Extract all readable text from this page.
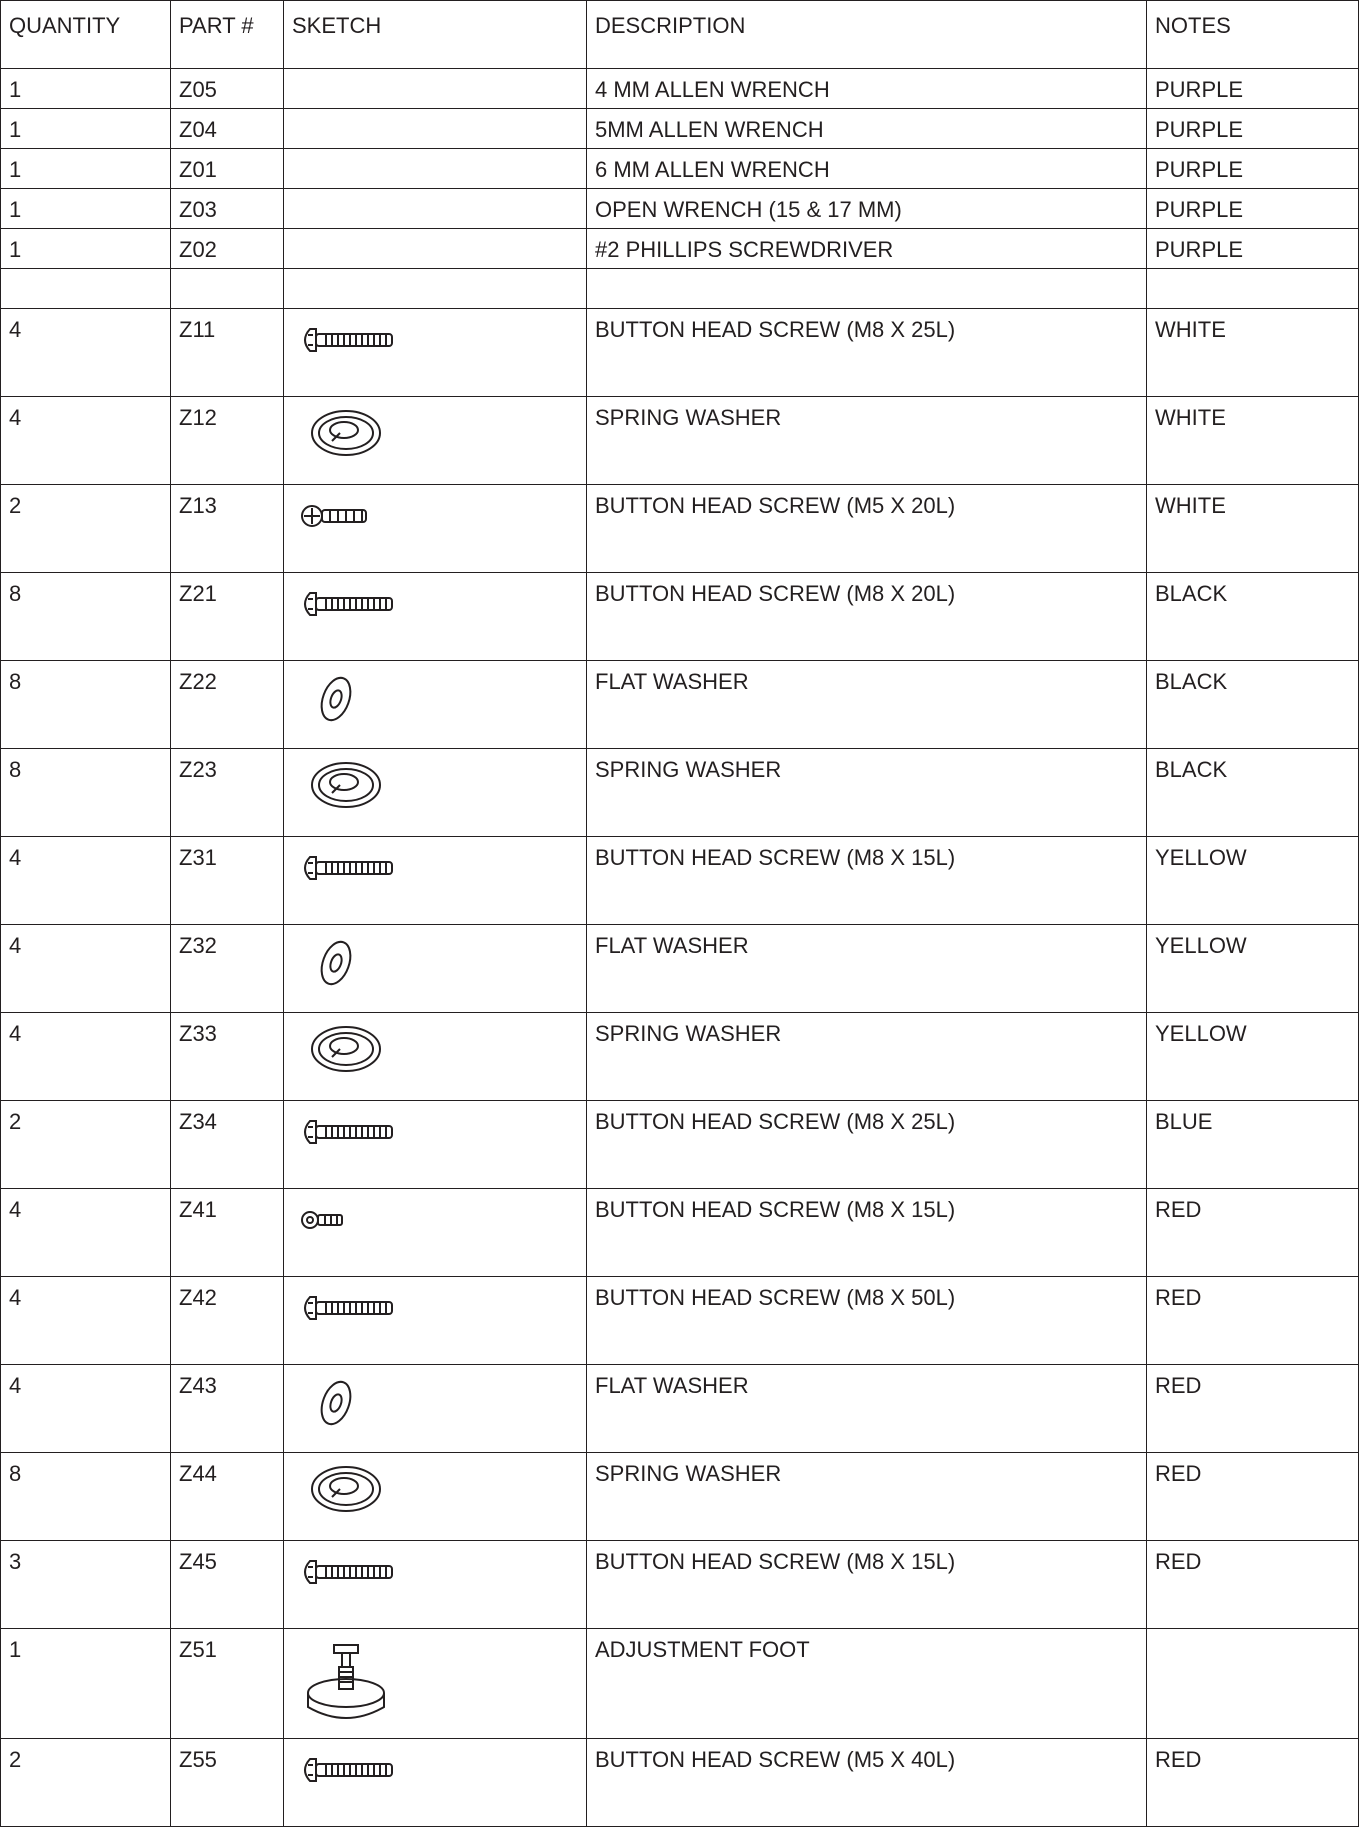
QUANTITY	PART #	SKETCH	DESCRIPTION	NOTES
1	Z05		4 MM ALLEN WRENCH	PURPLE
1	Z04		5MM ALLEN WRENCH	PURPLE
1	Z01		6 MM ALLEN WRENCH	PURPLE
1	Z03		OPEN WRENCH (15 & 17 MM)	PURPLE
1	Z02		#2 PHILLIPS SCREWDRIVER	PURPLE

4	Z11		BUTTON HEAD SCREW (M8 X 25L)	WHITE
4	Z12		SPRING WASHER	WHITE
2	Z13		BUTTON HEAD SCREW (M5 X 20L)	WHITE
8	Z21		BUTTON HEAD SCREW (M8 X 20L)	BLACK
8	Z22		FLAT WASHER	BLACK
8	Z23		SPRING WASHER	BLACK
4	Z31		BUTTON HEAD SCREW (M8 X 15L)	YELLOW
4	Z32		FLAT WASHER	YELLOW
4	Z33		SPRING WASHER	YELLOW
2	Z34		BUTTON HEAD SCREW (M8 X 25L)	BLUE
4	Z41		BUTTON HEAD SCREW (M8 X 15L)	RED
4	Z42		BUTTON HEAD SCREW (M8 X 50L)	RED
4	Z43		FLAT WASHER	RED
8	Z44		SPRING WASHER	RED
3	Z45		BUTTON HEAD SCREW (M8 X 15L)	RED
1	Z51		ADJUSTMENT FOOT	
2	Z55		BUTTON HEAD SCREW (M5 X 40L)	RED
